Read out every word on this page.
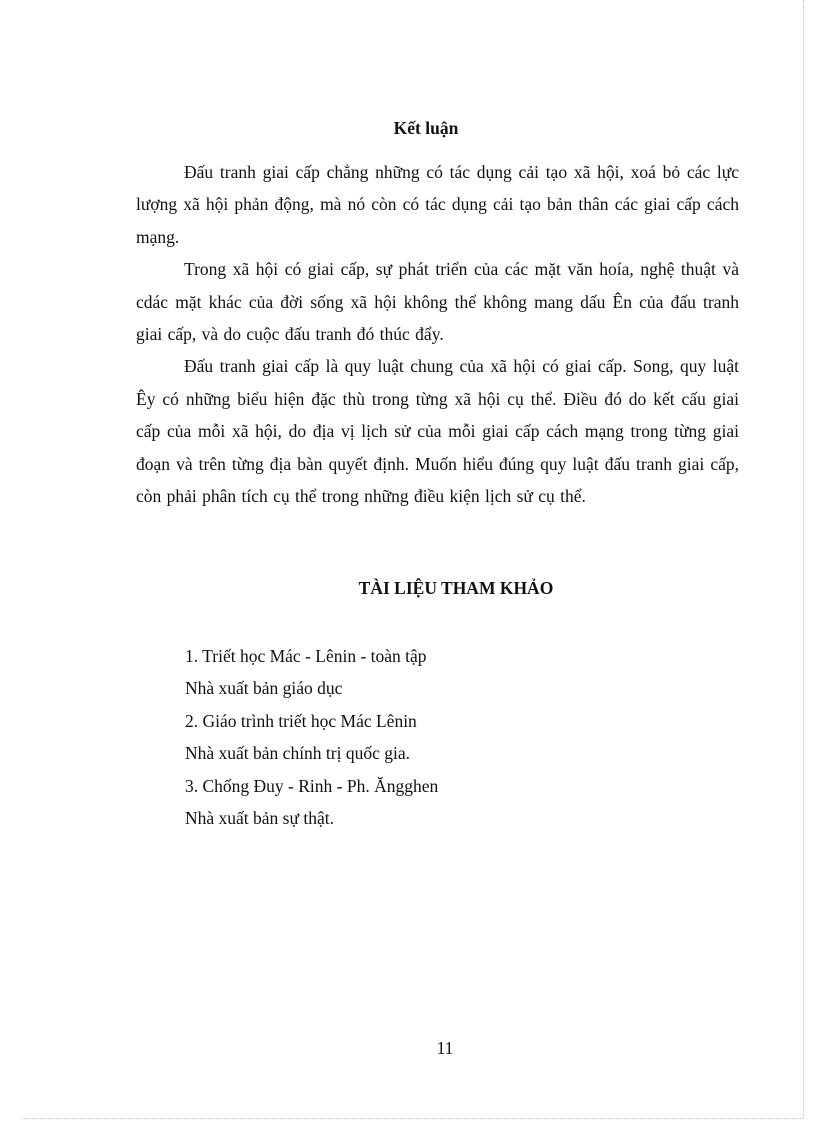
Kết luận

Đấu tranh giai cấp chẳng những có tác dụng cải tạo xã hội, xoá bỏ các lực lượng xã hội phản động, mà nó còn có tác dụng cải tạo bản thân các giai cấp cách mạng.

Trong xã hội có giai cấp, sự phát triển của các mặt văn hoía, nghệ thuật và cdác mặt khác của đời sống xã hội không thể không mang dấu Ên của đấu tranh giai cấp, và do cuộc đấu tranh đó thúc đẩy.

Đấu tranh giai cấp là quy luật chung của xã hội có giai cấp. Song, quy luật Êy có những biểu hiện đặc thù trong từng xã hội cụ thể. Điều đó do kết cấu giai cấp của mỗi xã hội, do địa vị lịch sử của mỗi giai cấp cách mạng trong từng giai đoạn và trên từng địa bàn quyết định. Muốn hiểu đúng quy luật đấu tranh giai cấp, còn phải phân tích cụ thể trong những điều kiện lịch sử cụ thể.

TÀI LIỆU THAM KHẢO
1. Triết học Mác - Lênin - toàn tập
Nhà xuất bản giáo dục
2. Giáo trình triết học Mác Lênin
Nhà xuất bản chính trị quốc gia.
3. Chống Đuy - Rinh - Ph. Ăngghen
Nhà xuất bản sự thật.
11
